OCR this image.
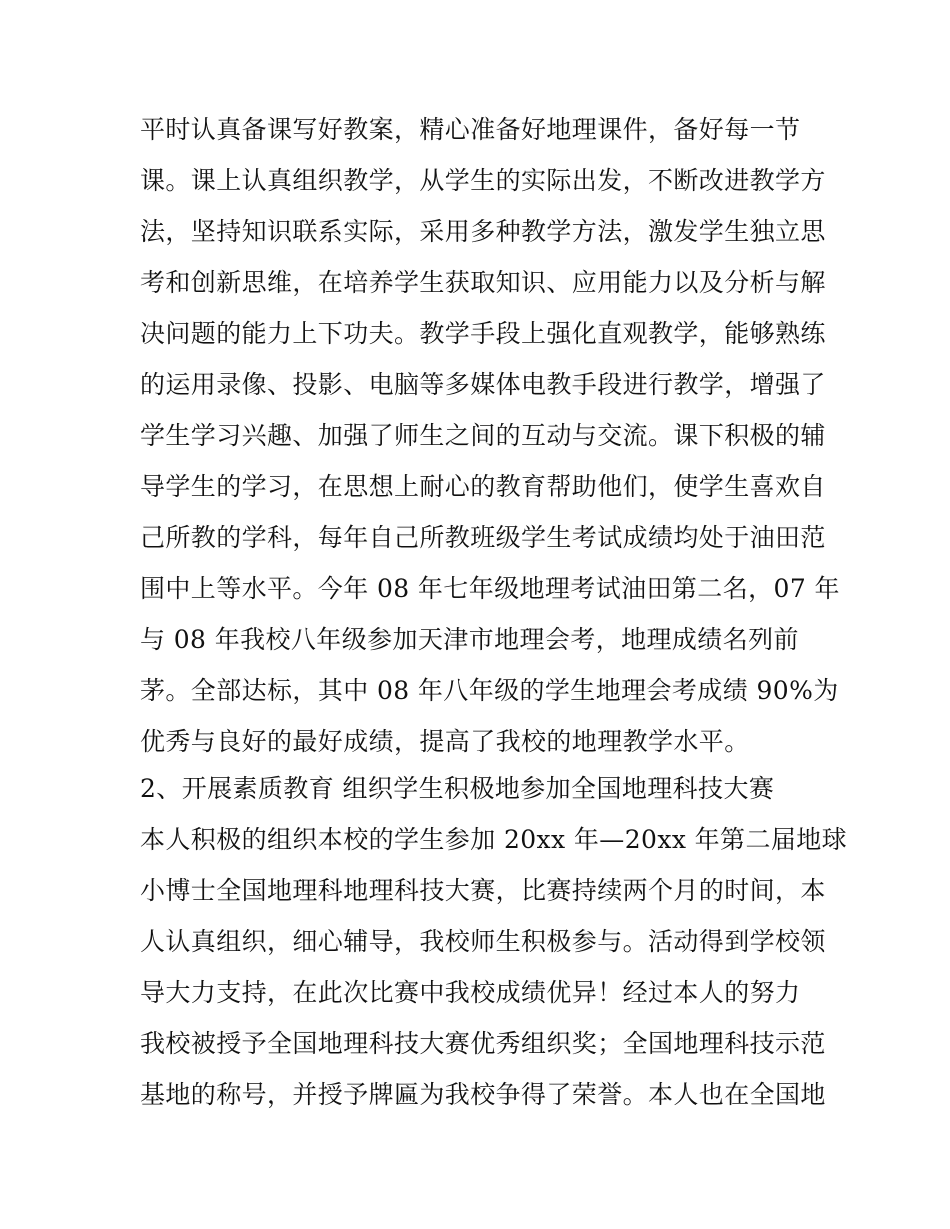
平时认真备课写好教案，精心准备好地理课件，备好每一节
课。课上认真组织教学，从学生的实际出发，不断改进教学方
法，坚持知识联系实际，采用多种教学方法，激发学生独立思
考和创新思维，在培养学生获取知识、应用能力以及分析与解
决问题的能力上下功夫。教学手段上强化直观教学，能够熟练
的运用录像、投影、电脑等多媒体电教手段进行教学，增强了
学生学习兴趣、加强了师生之间的互动与交流。课下积极的辅
导学生的学习，在思想上耐心的教育帮助他们，使学生喜欢自
己所教的学科，每年自己所教班级学生考试成绩均处于油田范
围中上等水平。今年 08 年七年级地理考试油田第二名，07 年
与 08 年我校八年级参加天津市地理会考，地理成绩名列前
茅。全部达标，其中 08 年八年级的学生地理会考成绩 90%为
优秀与良好的最好成绩，提高了我校的地理教学水平。
2、开展素质教育 组织学生积极地参加全国地理科技大赛
本人积极的组织本校的学生参加 20xx 年—20xx 年第二届地球
小博士全国地理科地理科技大赛，比赛持续两个月的时间，本
人认真组织，细心辅导，我校师生积极参与。活动得到学校领
导大力支持，在此次比赛中我校成绩优异！经过本人的努力
我校被授予全国地理科技大赛优秀组织奖；全国地理科技示范
基地的称号，并授予牌匾为我校争得了荣誉。本人也在全国地
